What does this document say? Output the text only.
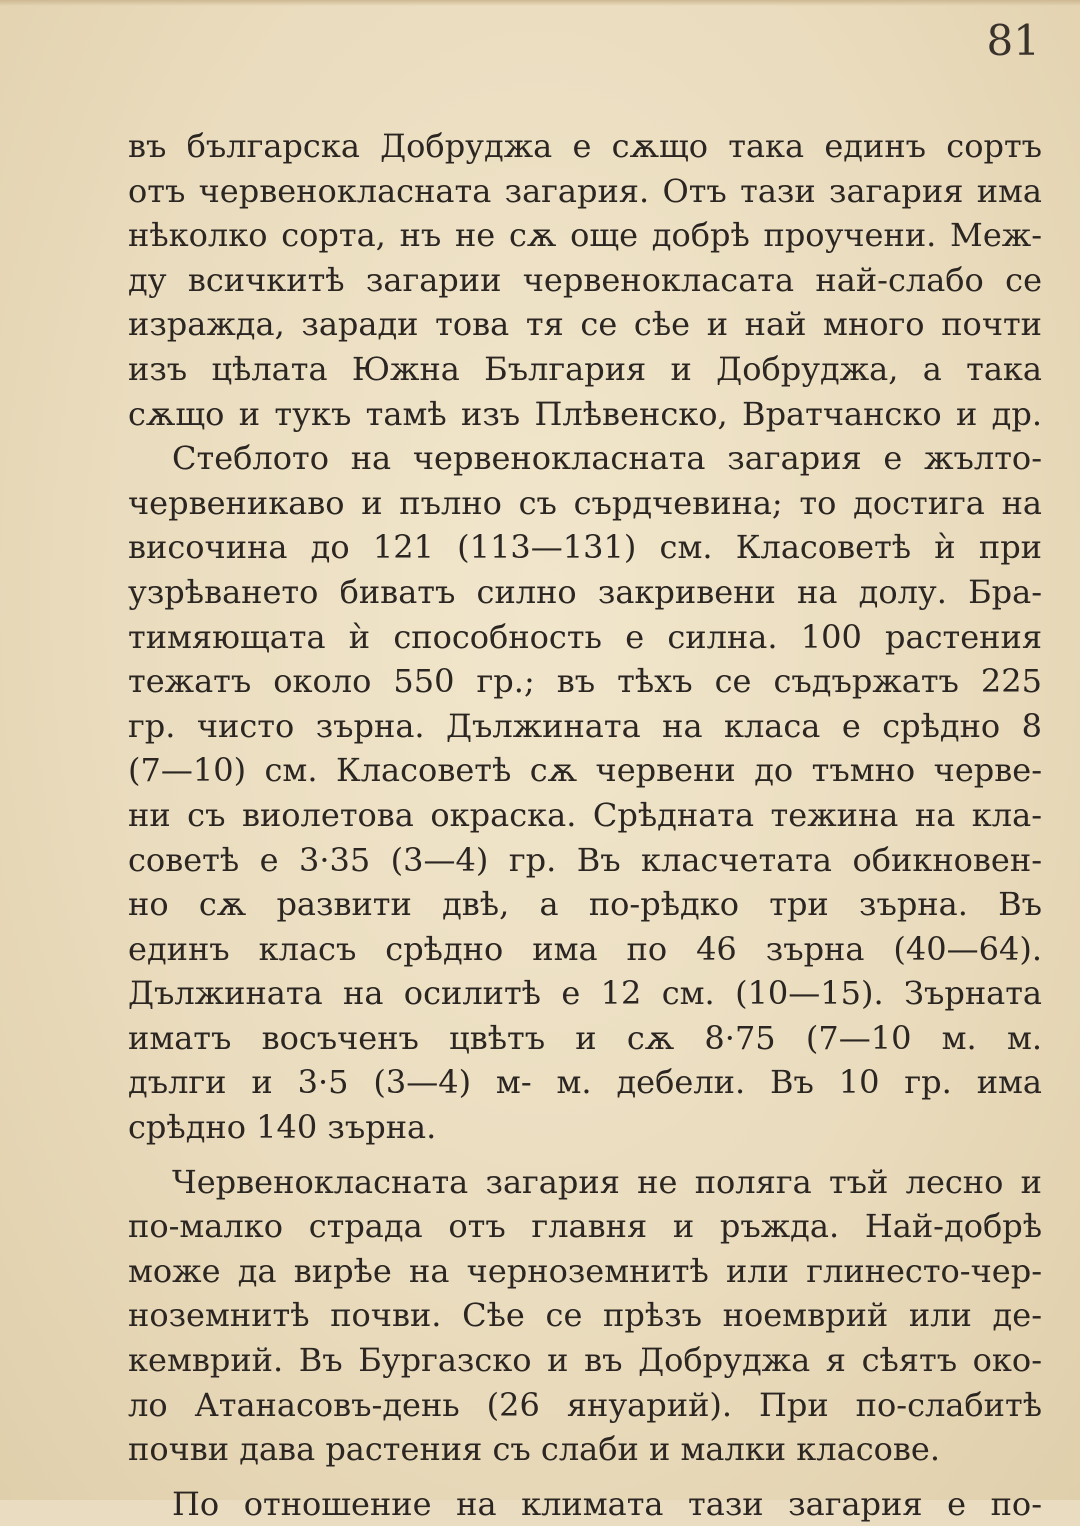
81
въ българска Добруджа е сѫщо така единъ сортъ
отъ червенокласната загария. Отъ тази загария има
нѣколко сорта, нъ не сѫ още добрѣ проучени. Меж-
ду всичкитѣ загарии червенокласата най-слабо се
изражда, заради това тя се сѣе и най много почти
изъ цѣлата Южна България и Добруджа, а така
сѫщо и тукъ тамѣ изъ Плѣвенско, Вратчанско и др.
Стеблото на червенокласната загария е жълто-
червеникаво и пълно съ сърдчевина; то достига на
височина до 121 (113—131) см. Класоветѣ ѝ при
узрѣването биватъ силно закривени на долу. Бра-
тимяющата ѝ способность е силна. 100 растения
тежатъ около 550 гр.; въ тѣхъ се съдържатъ 225
гр. чисто зърна. Дължината на класа е срѣдно 8
(7—10) см. Класоветѣ сѫ червени до тъмно черве-
ни съ виолетова окраска. Срѣдната тежина на кла-
советѣ е 3·35 (3—4) гр. Въ класчетата обикновен-
но сѫ развити двѣ, а по-рѣдко три зърна. Въ
единъ класъ срѣдно има по 46 зърна (40—64).
Дължината на осилитѣ е 12 см. (10—15). Зърната
иматъ восъченъ цвѣтъ и сѫ 8·75 (7—10 м. м.
дълги и 3·5 (3—4) м- м. дебели. Въ 10 гр. има
срѣдно 140 зърна.
Червенокласната загария не поляга тъй лесно и
по-малко страда отъ главня и ръжда. Най-добрѣ
може да вирѣе на черноземнитѣ или глинесто-чер-
ноземнитѣ почви. Сѣе се прѣзъ ноемврий или де-
кемврий. Въ Бургазско и въ Добруджа я сѣятъ око-
ло Атанасовъ-день (26 януарий). При по-слабитѣ
почви дава растения съ слаби и малки класове.
По отношение на климата тази загария е по-
